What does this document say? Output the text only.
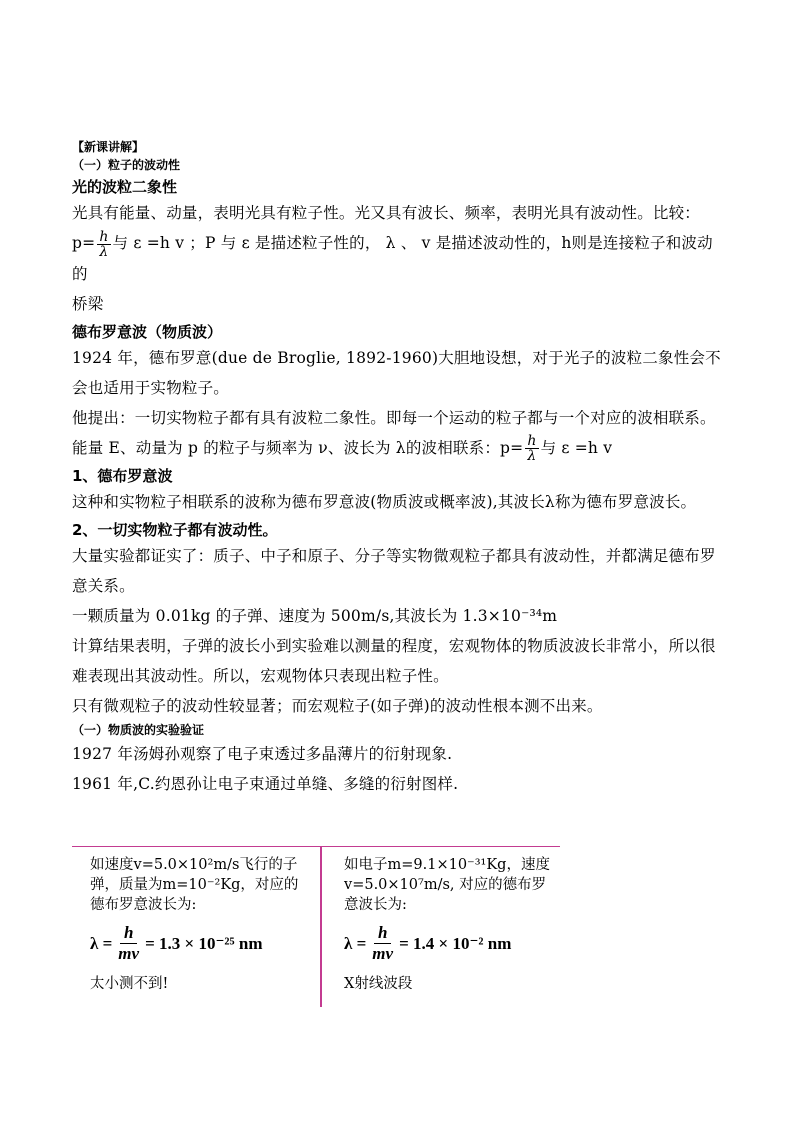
【新课讲解】
（一）粒子的波动性
光的波粒二象性
光具有能量、动量，表明光具有粒子性。光又具有波长、频率，表明光具有波动性。比较：
$p= \frac{h}{\lambda}$ 与 ε =h v ；P 与 ε 是描述粒子性的， λ 、 v 是描述波动性的，h则是连接粒子和波动的
桥梁
德布罗意波（物质波）
1924 年，德布罗意(due de Broglie, 1892-1960)大胆地设想，对于光子的波粒二象性会不会也适用于实物粒子。
他提出：一切实物粒子都有具有波粒二象性。即每一个运动的粒子都与一个对应的波相联系。能量 E、动量为 p 的粒子与频率为 ν、波长为 λ的波相联系：$p= \frac{h}{\lambda}$ 与 ε =h v
1、德布罗意波
这种和实物粒子相联系的波称为德布罗意波(物质波或概率波),其波长λ称为德布罗意波长。
2、一切实物粒子都有波动性。
大量实验都证实了：质子、中子和原子、分子等实物微观粒子都具有波动性，并都满足德布罗意关系。
一颗质量为 0.01kg 的子弹、速度为 500m/s,其波长为 1.3×10⁻³⁴m
计算结果表明，子弹的波长小到实验难以测量的程度，宏观物体的物质波波长非常小，所以很难表现出其波动性。所以，宏观物体只表现出粒子性。
只有微观粒子的波动性较显著；而宏观粒子(如子弹)的波动性根本测不出来。
（一）物质波的实验验证
1927 年汤姆孙观察了电子束透过多晶薄片的衍射现象.
1961 年,C.约恩孙让电子束通过单缝、多缝的衍射图样.
如速度v=5.0×10²m/s飞行的子弹，质量为m=10⁻²Kg，对应的德布罗意波长为:
$\lambda = \frac{h}{mv} = 1.3 \times 10^{-25}$ nm
太小测不到!
如电子m=9.1×10⁻³¹Kg，速度v=5.0×10⁷m/s, 对应的德布罗意波长为:
$\lambda = \frac{h}{mv} = 1.4 \times 10^{-2}$ nm
X射线波段
